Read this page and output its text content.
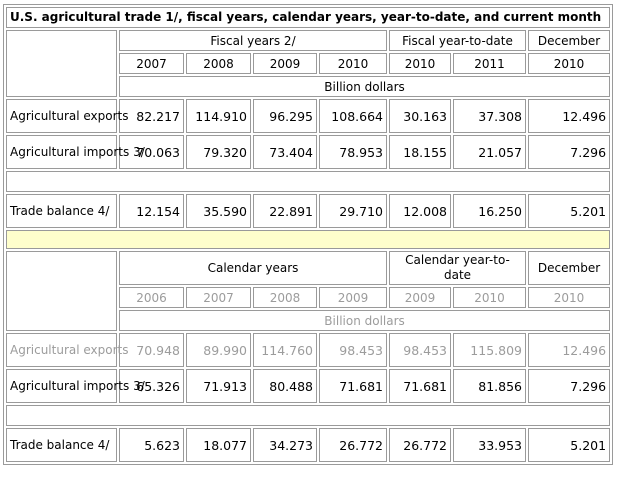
U.S. agricultural trade 1/, fiscal years, calendar years, year-to-date, and current month							
	Fiscal years 2/				Fiscal year-to-date		December
	2007	2008	2009	2010	2010	2011	2010
	Billion dollars						
Agricultural exports	82.217	114.910	96.295	108.664	30.163	37.308	12.496
Agricultural imports 3/	70.063	79.320	73.404	78.953	18.155	21.057	7.296

Trade balance 4/	12.154	35.590	22.891	29.710	12.008	16.250	5.201

	Calendar years				Calendar year-to-date		December
	2006	2007	2008	2009	2009	2010	2010
	Billion dollars						
Agricultural exports	70.948	89.990	114.760	98.453	98.453	115.809	12.496
Agricultural imports 3/	65.326	71.913	80.488	71.681	71.681	81.856	7.296

Trade balance 4/	5.623	18.077	34.273	26.772	26.772	33.953	5.201
